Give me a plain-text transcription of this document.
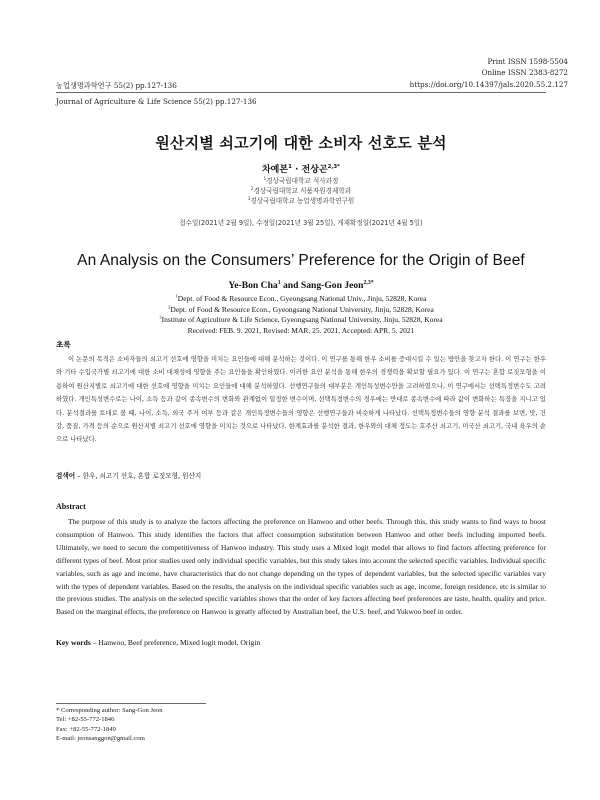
Print ISSN 1598-5504
Online ISSN 2383-8272
https://doi.org/10.14397/jals.2020.55.2.127
농업생명과학연구 55(2) pp.127-136
Journal of Agriculture & Life Science 55(2) pp.127-136
원산지별 쇠고기에 대한 소비자 선호도 분석
차예본$^1$ · 전상곤$^{2,3*}$
$^1$경상국립대학교 석사과정
$^2$경상국립대학교 식품자원경제학과
$^3$경상국립대학교 농업생명과학연구원
접수일(2021년 2월 9일), 수정일(2021년 3월 25일), 게재확정일(2021년 4월 5일)
An Analysis on the Consumers’ Preference for the Origin of Beef
Ye-Bon Cha$^1$ and Sang-Gon Jeon$^{2,3*}$
$^1$Dept. of Food & Resource Econ., Gyeongsang National Univ., Jinju, 52828, Korea
$^2$Dept. of Food & Resource Econ., Gyeongsang National University, Jinju, 52828, Korea
$^3$Institute of Agriculture & Life Science, Gyeongsang National University, Jinju, 52828, Korea
Received: FEB. 9. 2021, Revised: MAR. 25. 2021, Accepted: APR. 5. 2021
초록
이 논문의 목적은 소비자들의 쇠고기 선호에 영향을 미치는 요인들에 대해 분석하는 것이다. 이 연구를 통해 한우 소비를 증대시킬 수 있는 방안을 찾고자 한다. 이 연구는 한우와 기타 수입국가별 쇠고기에 대한 소비 대체성에 영향을 주는 요인들을 확인하였다. 이러한 요인 분석을 통해 한우의 경쟁력을 확보할 필요가 있다. 이 연구는 혼합 로짓모형을 이용하여 원산지별로 쇠고기에 대한 선호에 영향을 미치는 요인들에 대해 분석하였다. 선행연구들의 대부분은 개인특성변수만을 고려하였으나, 이 연구에서는 선택특정변수도 고려하였다. 개인특성변수로는 나이, 소득 등과 같이 종속변수의 변화와 관계없이 일정한 변수이며, 선택특정변수의 경우에는 반대로 종속변수에 따라 값이 변화하는 특징을 지니고 있다. 분석결과를 토대로 볼 때, 나이, 소득, 외국 주거 여부 등과 같은 개인특정변수들의 영향은 선행연구들과 비슷하게 나타났다. 선택특정변수들의 영향 분석 결과를 보면, 맛, 건강, 품질, 가격 등의 순으로 원산지별 쇠고기 선호에 영향을 미치는 것으로 나타났다. 한계효과를 분석한 결과, 한우와의 대체 정도는 호주산 쇠고기, 미국산 쇠고기, 국내 육우의 순으로 나타났다.
검색어 – 한우, 쇠고기 선호, 혼합 로짓모형, 원산지
Abstract
The purpose of this study is to analyze the factors affecting the preference on Hanwoo and other beefs. Through this, this study wants to find ways to boost consumption of Hanwoo. This study identifies the factors that affect consumption substitution between Hanwoo and other beefs including imported beefs. Ultimately, we need to secure the competitiveness of Hanwoo industry. This study uses a Mixed logit model that allows to find factors affecting preference for different types of beef. Most prior studies used only individual specific variables, but this study takes into account the selected specific variables. Individual specific variables, such as age and income, have characteristics that do not change depending on the types of dependent variables, but the selected specific variables vary with the types of dependent variables. Based on the results, the analysis on the individual specific variables such as age, income, foreign residence, etc is similar to the previous studies. The analysis on the selected specific variables shows that the order of key factors affecting beef preferences are taste, health, quality and price. Based on the marginal effects, the preference on Hanwoo is greatly affected by Australian beef, the U.S. beef, and Yukwoo beef in order.
Key words – Hanwoo, Beef preference, Mixed logit model, Origin
* Corresponding author: Sang-Gon Jeon
Tel: +82-55-772-1846
Fax: +82-55-772-1849
E-mail: jeonsanggon@gmail.com
